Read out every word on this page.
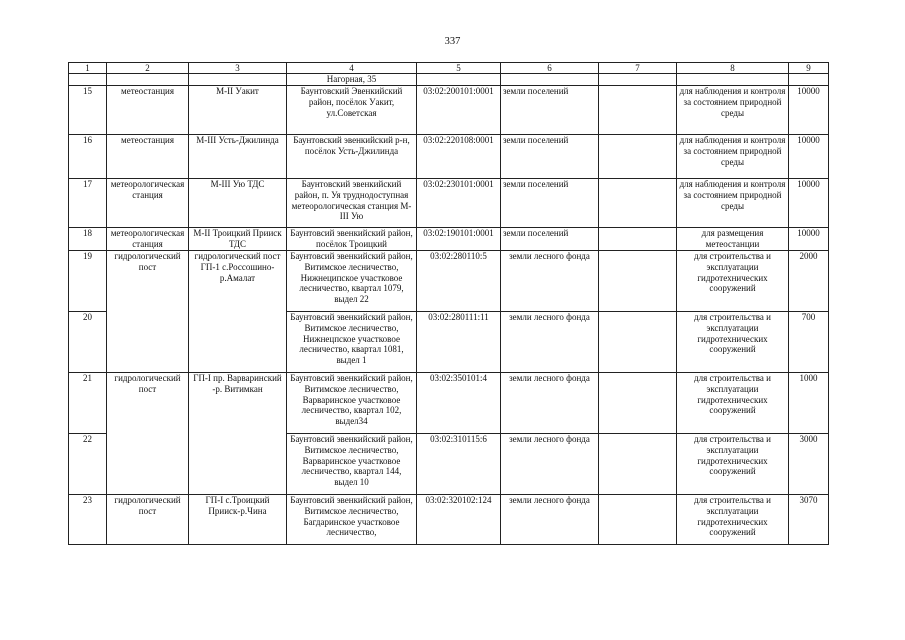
337
1	2	3	4	5	6	7	8	9
			Нагорная, 35					
15	метеостанция	М-II Уакит	Баунтовский Эвенкийский район, посёлок Уакит, ул.Советская	03:02:200101:0001	земли поселений		для наблюдения и контроля за состоянием природной среды	10000
16	метеостанция	М-III Усть-Джилинда	Баунтовский эвенкийский р-н, посёлок Усть-Джилинда	03:02:220108:0001	земли поселений		для наблюдения и контроля за состоянием природной среды	10000
17	метеорологическая станция	М-III Ую ТДС	Баунтовский эвенкийский район, п. Уя труднодоступная метеорологическая станция М-III Ую	03:02:230101:0001	земли поселений		для наблюдения и контроля за состоянием природной среды	10000
18	метеорологическая станция	М-II Троицкий Прииск ТДС	Баунтовсий эвенкийский район, посёлок Троицкий	03:02:190101:0001	земли поселений		для размещения метеостанции	10000
19	гидрологический пост	гидрологический пост ГП-1 с.Россошино-р.Амалат	Баунтовсий эвенкийский район, Витимское лесничество, Нижнеципское участковое лесничество, квартал 1079, выдел 22	03:02:280110:5	земли лесного фонда		для строительства и эксплуатации гидротехнических сооружений	2000
20			Баунтовсий эвенкийский район, Витимское лесничество, Нижнецпское участковое лесничество, квартал 1081, выдел 1	03:02:280111:11	земли лесного фонда		для строительства и эксплуатации гидротехнических сооружений	700
21	гидрологический пост	ГП-I пр. Варваринский -р. Витимкан	Баунтовсий эвенкийский район, Витимское лесничество, Варваринское участковое лесничество, квартал 102, выдел34	03:02:350101:4	земли лесного фонда		для строительства и эксплуатации гидротехнических сооружений	1000
22			Баунтовсий эвенкийский район, Витимское лесничество, Варваринское участковое лесничество, квартал 144, выдел 10	03:02:310115:6	земли лесного фонда		для строительства и эксплуатации гидротехнических сооружений	3000
23	гидрологический пост	ГП-I с.Троицкий Прииск-р.Чина	Баунтовсий эвенкийский район, Витимское лесничество, Багдаринское участковое лесничество,	03:02:320102:124	земли лесного фонда		для строительства и эксплуатации гидротехнических сооружений	3070
